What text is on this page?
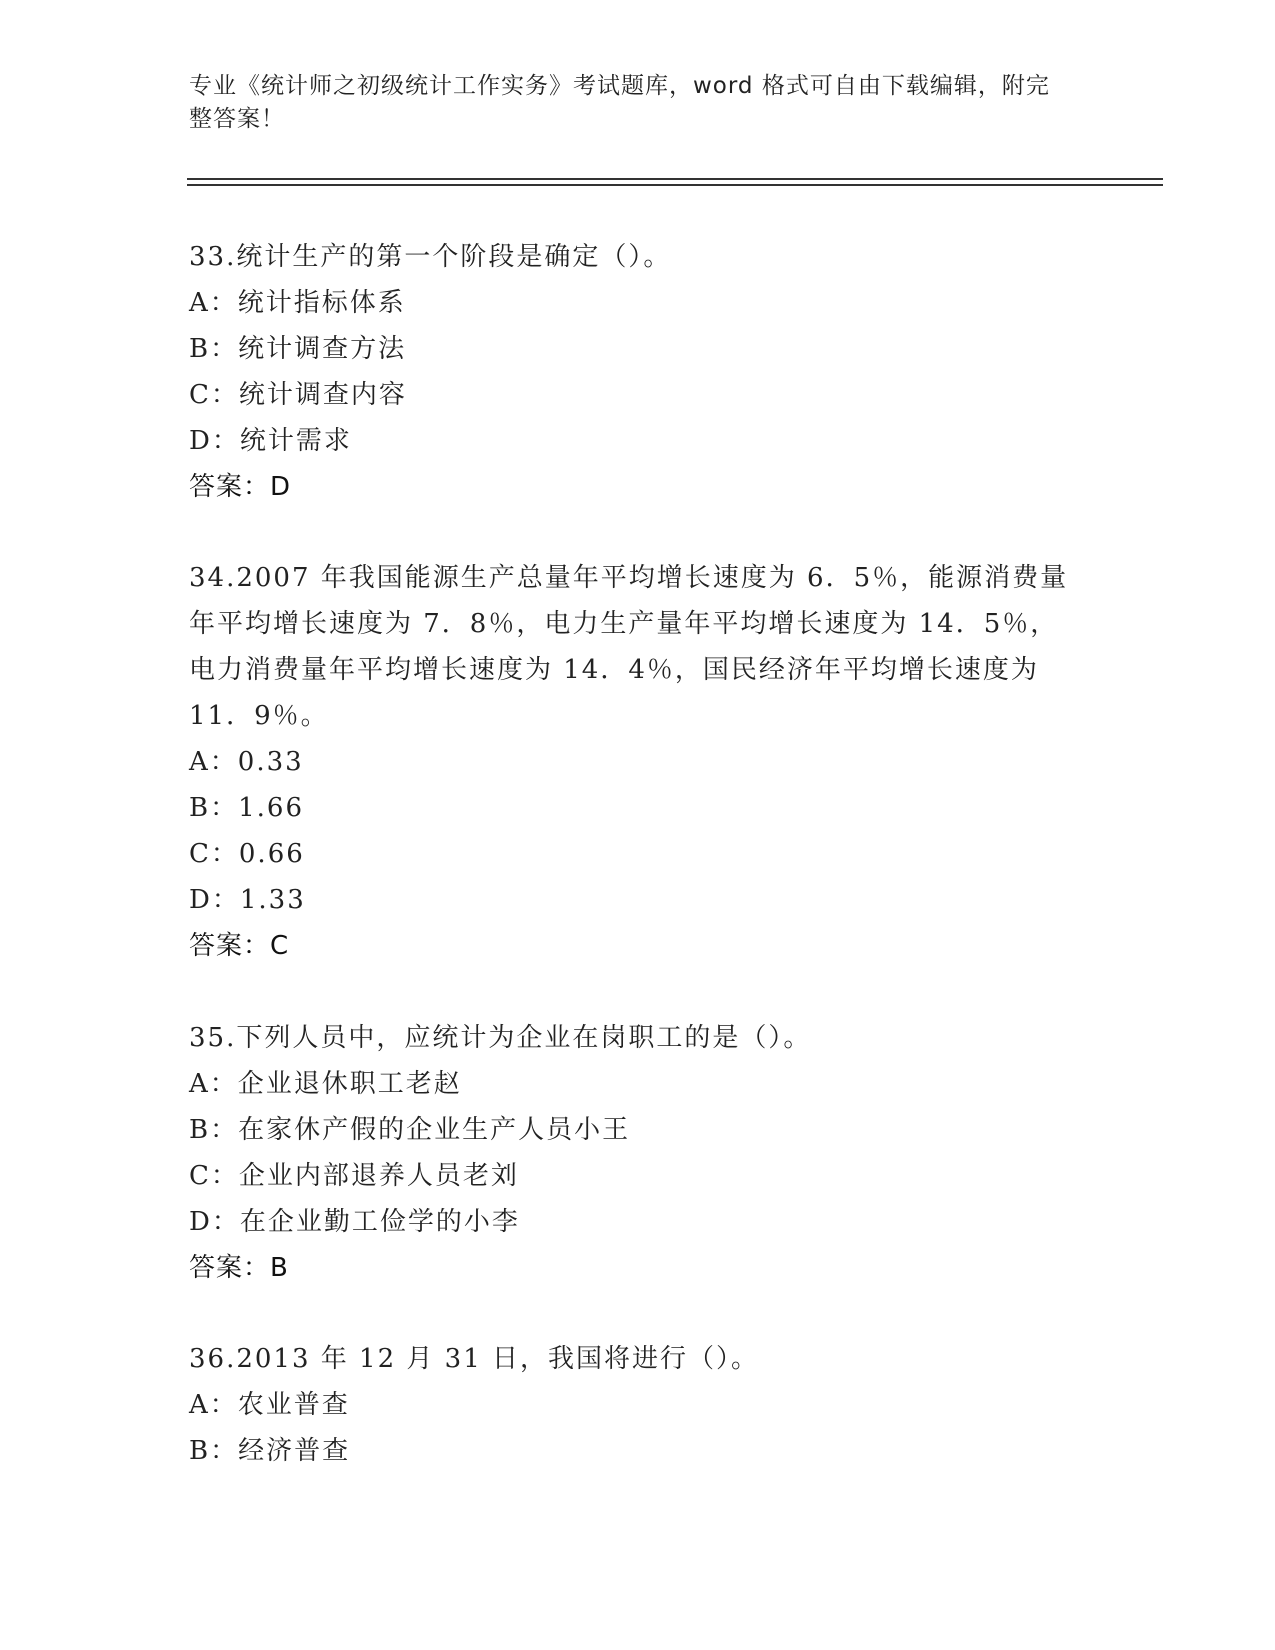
专业《统计师之初级统计工作实务》考试题库，word 格式可自由下载编辑，附完
整答案！
33.统计生产的第一个阶段是确定（）。
A：统计指标体系
B：统计调查方法
C：统计调查内容
D：统计需求
答案：D
34.2007 年我国能源生产总量年平均增长速度为 6．5％，能源消费量
年平均增长速度为 7．8％，电力生产量年平均增长速度为 14．5％，
电力消费量年平均增长速度为 14．4％，国民经济年平均增长速度为
11．9％。
A：0.33
B：1.66
C：0.66
D：1.33
答案：C
35.下列人员中，应统计为企业在岗职工的是（）。
A：企业退休职工老赵
B：在家休产假的企业生产人员小王
C：企业内部退养人员老刘
D：在企业勤工俭学的小李
答案：B
36.2013 年 12 月 31 日，我国将进行（）。
A：农业普查
B：经济普查
